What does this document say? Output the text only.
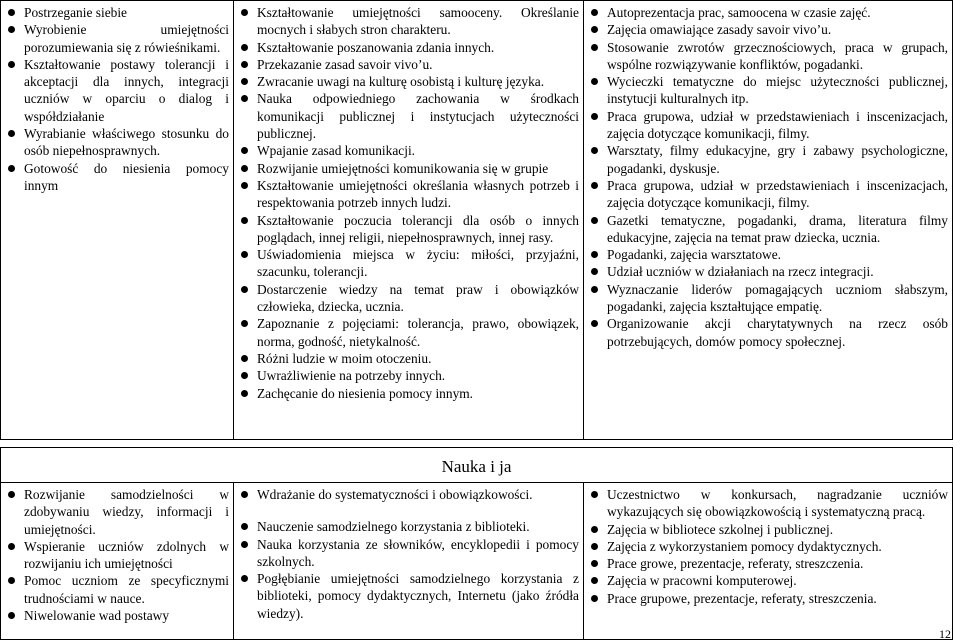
Postrzeganie siebie
Wyrobienie umiejętności porozumiewania się z rówieśnikami.
Kształtowanie postawy tolerancji i akceptacji dla innych, integracji uczniów w oparciu o dialog i współdziałanie
Wyrabianie właściwego stosunku do osób niepełnosprawnych.
Gotowość do niesienia pomocy innym

Kształtowanie umiejętności samooceny. Określanie mocnych i słabych stron charakteru.
Kształtowanie poszanowania zdania innych.
Przekazanie zasad savoir vivo’u.
Zwracanie uwagi na kulturę osobistą i kulturę języka.
Nauka odpowiedniego zachowania w środkach komunikacji publicznej i instytucjach użyteczności publicznej.
Wpajanie zasad komunikacji.
Rozwijanie umiejętności komunikowania się w grupie
Kształtowanie umiejętności określania własnych potrzeb i respektowania potrzeb innych ludzi.
Kształtowanie poczucia tolerancji dla osób o innych poglądach, innej religii, niepełnosprawnych, innej rasy.
Uświadomienia miejsca w życiu: miłości, przyjaźni, szacunku, tolerancji.
Dostarczenie wiedzy na temat praw i obowiązków człowieka, dziecka, ucznia.
Zapoznanie z pojęciami: tolerancja, prawo, obowiązek, norma, godność, nietykalność.
Różni ludzie w moim otoczeniu.
Uwrażliwienie na potrzeby innych.
Zachęcanie do niesienia pomocy innym.

Autoprezentacja prac, samoocena w czasie zajęć.
Zajęcia omawiające zasady savoir vivo’u.
Stosowanie zwrotów grzecznościowych, praca w grupach, wspólne rozwiązywanie konfliktów, pogadanki.
Wycieczki tematyczne do miejsc użyteczności publicznej, instytucji kulturalnych itp.
Praca grupowa, udział w przedstawieniach i inscenizacjach, zajęcia dotyczące komunikacji, filmy.
Warsztaty, filmy edukacyjne, gry i zabawy psychologiczne, pogadanki, dyskusje.
Praca grupowa, udział w przedstawieniach i inscenizacjach, zajęcia dotyczące komunikacji, filmy.
Gazetki tematyczne, pogadanki, drama, literatura filmy edukacyjne, zajęcia na temat praw dziecka, ucznia.
Pogadanki, zajęcia warsztatowe.
Udział uczniów w działaniach na rzecz integracji.
Wyznaczanie liderów pomagających uczniom słabszym, pogadanki, zajęcia kształtujące empatię.
Organizowanie akcji charytatywnych na rzecz osób potrzebujących, domów pomocy społecznej.
Nauka i ja

Rozwijanie samodzielności w zdobywaniu wiedzy, informacji i umiejętności.
Wspieranie uczniów zdolnych w rozwijaniu ich umiejętności
Pomoc uczniom ze specyficznymi trudnościami w nauce.
Niwelowanie wad postawy

Wdrażanie do systematyczności i obowiązkowości.
Nauczenie samodzielnego korzystania z biblioteki.
Nauka korzystania ze słowników, encyklopedii i pomocy szkolnych.
Pogłębianie umiejętności samodzielnego korzystania z biblioteki, pomocy dydaktycznych, Internetu (jako źródła wiedzy).

Uczestnictwo w konkursach, nagradzanie uczniów wykazujących się obowiązkowością i systematyczną pracą.
Zajęcia w bibliotece szkolnej i publicznej.
Zajęcia z wykorzystaniem pomocy dydaktycznych.
Prace growe, prezentacje, referaty, streszczenia.
Zajęcia w pracowni komputerowej.
Prace grupowe, prezentacje, referaty, streszczenia.
12
